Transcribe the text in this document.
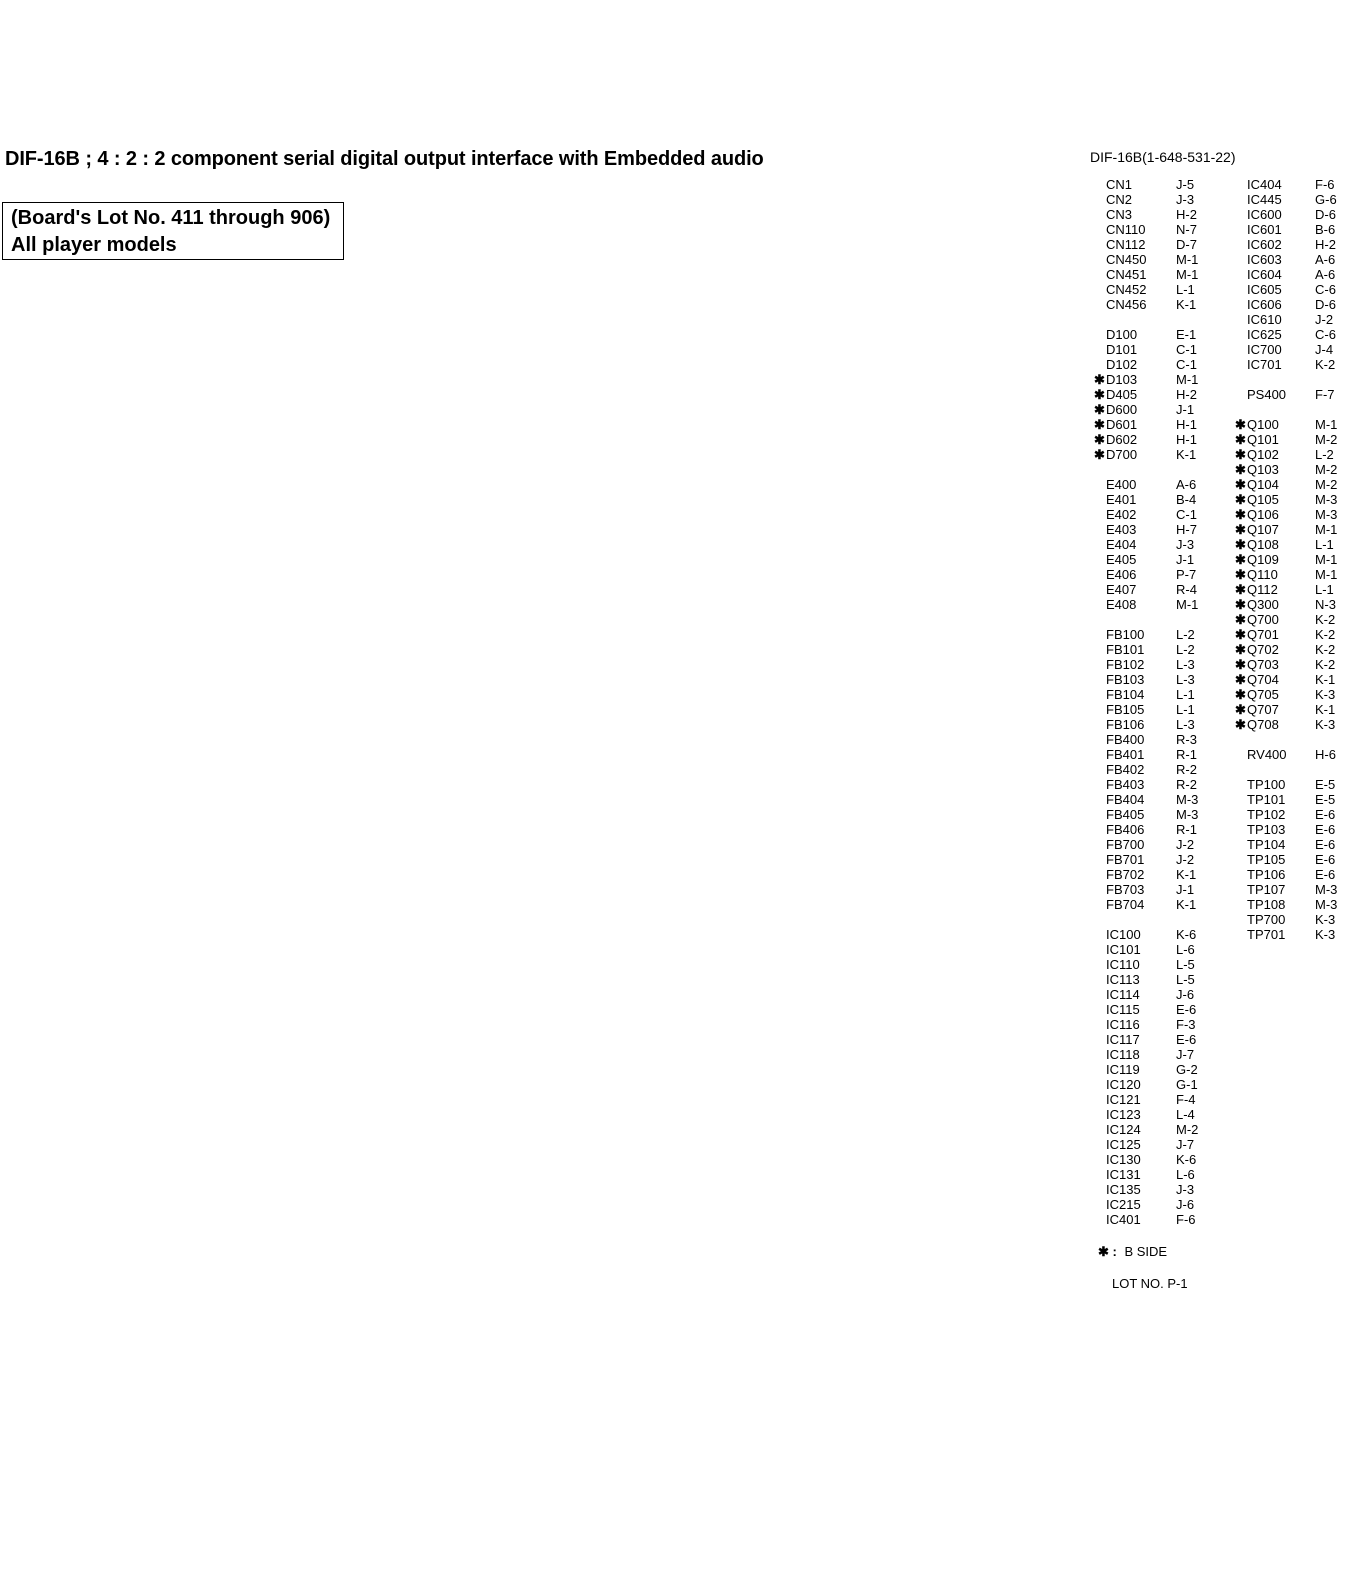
DIF-16B ; 4 : 2 : 2 component serial digital output interface with Embedded audio
(Board's Lot No. 411 through 906)
All player models
DIF-16B(1-648-531-22)
CN1	J-5
CN2	J-3
CN3	H-2
CN110 N-7
CN112 D-7
CN450 M-1
CN451 M-1
CN452 L-1
CN456 K-1
D100	E-1
D101	C-1
D102	C-1
✱ D103	M-1
✱ D405	H-2
✱ D600	J-1
✱ D601	H-1
✱ D602	H-1
✱ D700	K-1
E400	A-6
E401	B-4
E402	C-1
E403	H-7
E404	J-3
E405	J-1
E406	P-7
E407	R-4
E408	M-1
FB100 L-2
FB101 L-2
FB102 L-3
FB103 L-3
FB104 L-1
FB105 L-1
FB106 L-3
FB400 R-3
FB401 R-1
FB402 R-2
FB403 R-2
FB404 M-3
FB405 M-3
FB406 R-1
FB700 J-2
FB701 J-2
FB702 K-1
FB703 J-1
FB704 K-1
IC100	K-6
IC101	L-6
IC110	L-5
IC113	L-5
IC114	J-6
IC115	E-6
IC116	F-3
IC117	E-6
IC118	J-7
IC119	G-2
IC120	G-1
IC121	F-4
IC123	L-4
IC124	M-2
IC125	J-7
IC130	K-6
IC131	L-6
IC135	J-3
IC215	J-6
IC401	F-6
IC404	F-6
IC445	G-6
IC600	D-6
IC601	B-6
IC602	H-2
IC603	A-6
IC604	A-6
IC605	C-6
IC606	D-6
IC610	J-2
IC625	C-6
IC700	J-4
IC701	K-2
PS400 F-7
✱ Q100	M-1
✱ Q101	M-2
✱ Q102	L-2
✱ Q103	M-2
✱ Q104	M-2
✱ Q105	M-3
✱ Q106	M-3
✱ Q107	M-1
✱ Q108	L-1
✱ Q109	M-1
✱ Q110	M-1
✱ Q112	L-1
✱ Q300	N-3
✱ Q700	K-2
✱ Q701	K-2
✱ Q702	K-2
✱ Q703	K-2
✱ Q704	K-1
✱ Q705	K-3
✱ Q707	K-1
✱ Q708	K-3
RV400 H-6
TP100 E-5
TP101 E-5
TP102 E-6
TP103 E-6
TP104 E-6
TP105 E-6
TP106 E-6
TP107 M-3
TP108 M-3
TP700 K-3
TP701 K-3
✱ : B SIDE
LOT NO. P-1
